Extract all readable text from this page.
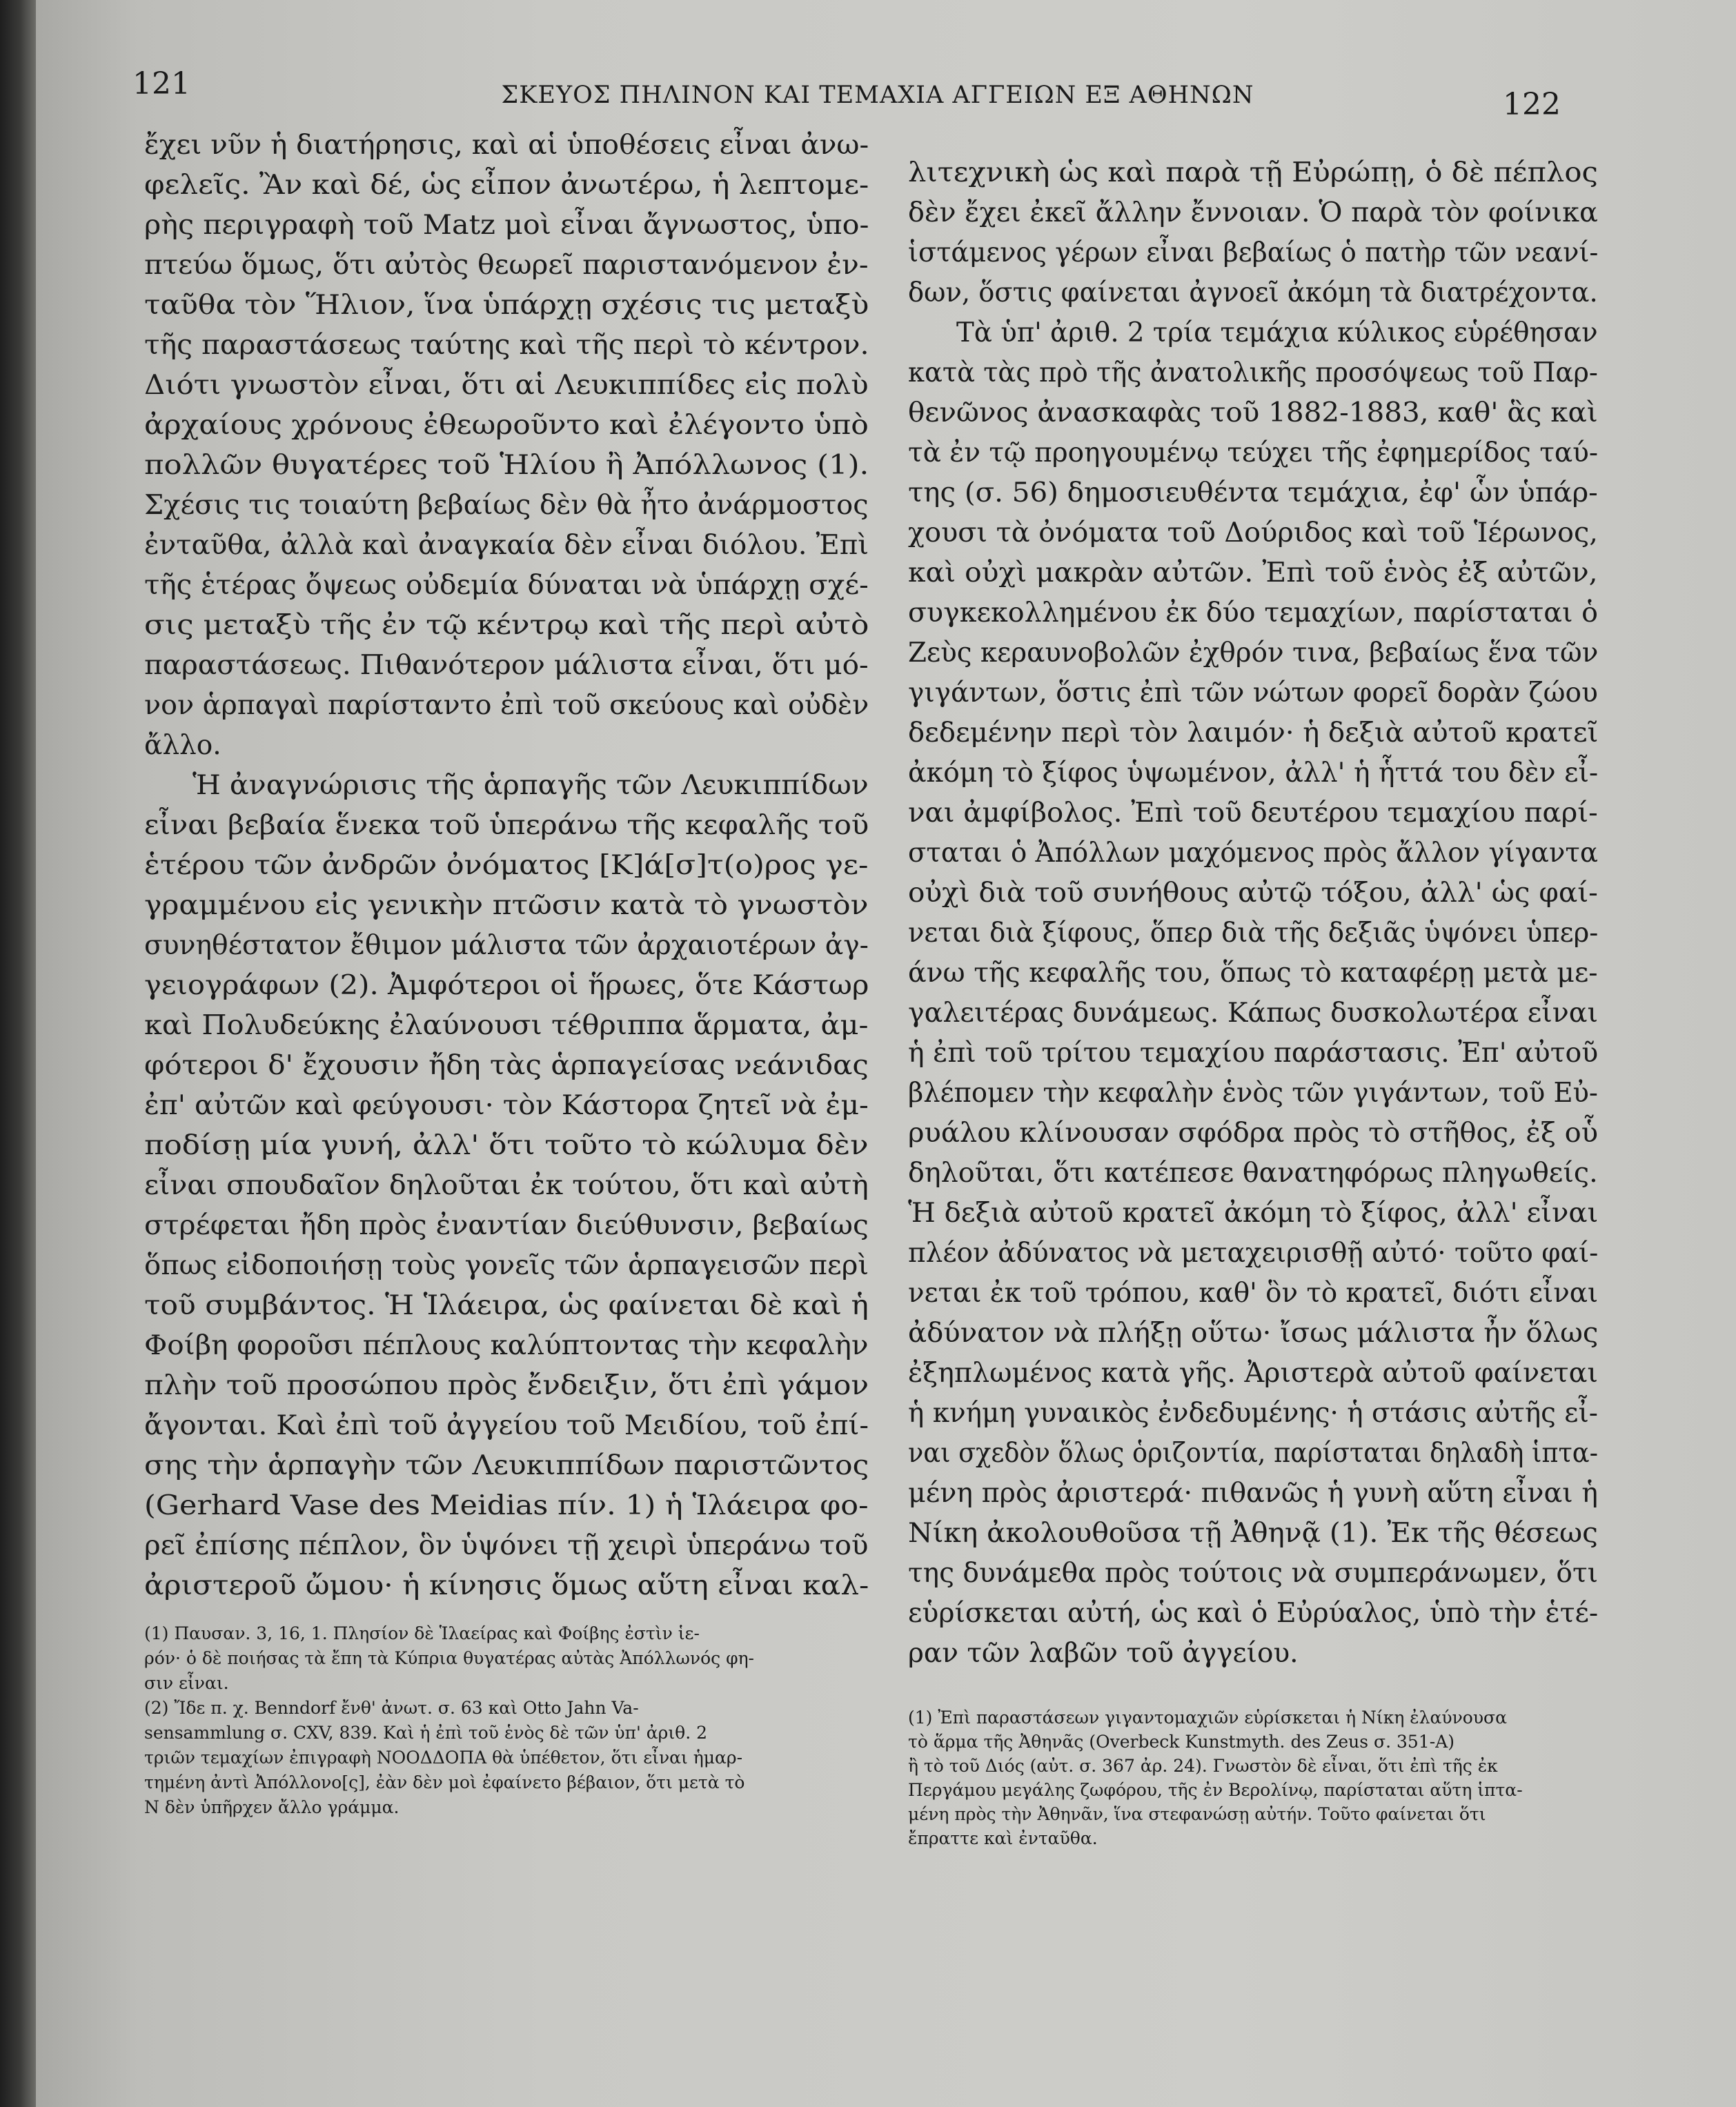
121	ΣΚΕΥΟΣ ΠΗΛΙΝΟΝ ΚΑΙ ΤΕΜΑΧΙΑ ΑΓΓΕΙΩΝ ΕΞ ΑΘΗΝΩΝ	122

ἔχει νῦν ἡ διατήρησις, καὶ αἱ ὑποθέσεις εἶναι ἀνω-

φελεῖς. Ἂν καὶ δέ, ὡς εἶπον ἀνωτέρω, ἡ λεπτομε-

ρὴς περιγραφὴ τοῦ Matz μοὶ εἶναι ἄγνωστος, ὑπο-

πτεύω ὅμως, ὅτι αὐτὸς θεωρεῖ παριστανόμενον ἐν-

ταῦθα τὸν Ἥλιον, ἵνα ὑπάρχῃ σχέσις τις μεταξὺ

τῆς παραστάσεως ταύτης καὶ τῆς περὶ τὸ κέντρον.

Διότι γνωστὸν εἶναι, ὅτι αἱ Λευκιππίδες εἰς πολὺ

ἀρχαίους χρόνους ἐθεωροῦντο καὶ ἐλέγοντο ὑπὸ

πολλῶν θυγατέρες τοῦ Ἡλίου ἢ Ἀπόλλωνος (1).

Σχέσις τις τοιαύτη βεβαίως δὲν θὰ ἦτο ἀνάρμοστος

ἐνταῦθα, ἀλλὰ καὶ ἀναγκαία δὲν εἶναι διόλου. Ἐπὶ

τῆς ἑτέρας ὄψεως οὐδεμία δύναται νὰ ὑπάρχῃ σχέ-

σις μεταξὺ τῆς ἐν τῷ κέντρῳ καὶ τῆς περὶ αὐτὸ

παραστάσεως. Πιθανότερον μάλιστα εἶναι, ὅτι μό-

νον ἁρπαγαὶ παρίσταντο ἐπὶ τοῦ σκεύους καὶ οὐδὲν

ἄλλο.

Ἡ ἀναγνώρισις τῆς ἁρπαγῆς τῶν Λευκιππίδων

εἶναι βεβαία ἕνεκα τοῦ ὑπεράνω τῆς κεφαλῆς τοῦ

ἑτέρου τῶν ἀνδρῶν ὀνόματος [Κ]ά[σ]τ(ο)ρος γε-

γραμμένου εἰς γενικὴν πτῶσιν κατὰ τὸ γνωστὸν

συνηθέστατον ἔθιμον μάλιστα τῶν ἀρχαιοτέρων ἀγ-

γειογράφων (2). Ἀμφότεροι οἱ ἥρωες, ὅτε Κάστωρ

καὶ Πολυδεύκης ἐλαύνουσι τέθριππα ἅρματα, ἀμ-

φότεροι δ' ἔχουσιν ἤδη τὰς ἁρπαγείσας νεάνιδας

ἐπ' αὐτῶν καὶ φεύγουσι· τὸν Κάστορα ζητεῖ νὰ ἐμ-

ποδίσῃ μία γυνή, ἀλλ' ὅτι τοῦτο τὸ κώλυμα δὲν

εἶναι σπουδαῖον δηλοῦται ἐκ τούτου, ὅτι καὶ αὐτὴ

στρέφεται ἤδη πρὸς ἐναντίαν διεύθυνσιν, βεβαίως

ὅπως εἰδοποιήσῃ τοὺς γονεῖς τῶν ἁρπαγεισῶν περὶ

τοῦ συμβάντος. Ἡ Ἱλάειρα, ὡς φαίνεται δὲ καὶ ἡ

Φοίβη φοροῦσι πέπλους καλύπτοντας τὴν κεφαλὴν

πλὴν τοῦ προσώπου πρὸς ἔνδειξιν, ὅτι ἐπὶ γάμον

ἄγονται. Καὶ ἐπὶ τοῦ ἀγγείου τοῦ Μειδίου, τοῦ ἐπί-

σης τὴν ἁρπαγὴν τῶν Λευκιππίδων παριστῶντος

(Gerhard Vase des Meidias πίν. 1) ἡ Ἱλάειρα φο-

ρεῖ ἐπίσης πέπλον, ὃν ὑψόνει τῇ χειρὶ ὑπεράνω τοῦ

ἀριστεροῦ ὤμου· ἡ κίνησις ὅμως αὕτη εἶναι καλ-

(1) Παυσαν. 3, 16, 1. Πλησίον δὲ Ἱλαείρας καὶ Φοίβης ἐστὶν ἱε-

ρόν· ὁ δὲ ποιήσας τὰ ἔπη τὰ Κύπρια θυγατέρας αὐτὰς Ἀπόλλωνός φη-

σιν εἶναι.

(2) Ἴδε π. χ. Benndorf ἔνθ' ἀνωτ. σ. 63 καὶ Otto Jahn Va-

sensammlung σ. CXV, 839. Καὶ ἡ ἐπὶ τοῦ ἑνὸς δὲ τῶν ὑπ' ἀριθ. 2

τριῶν τεμαχίων ἐπιγραφὴ ΝΟΟΔΔΟΠΑ θὰ ὑπέθετον, ὅτι εἶναι ἡμαρ-

τημένη ἀντὶ Ἀπόλλονο[ς], ἐὰν δὲν μοὶ ἐφαίνετο βέβαιον, ὅτι μετὰ τὸ

Ν δὲν ὑπῆρχεν ἄλλο γράμμα.

λιτεχνικὴ ὡς καὶ παρὰ τῇ Εὐρώπῃ, ὁ δὲ πέπλος

δὲν ἔχει ἐκεῖ ἄλλην ἔννοιαν. Ὁ παρὰ τὸν φοίνικα

ἱστάμενος γέρων εἶναι βεβαίως ὁ πατὴρ τῶν νεανί-

δων, ὅστις φαίνεται ἀγνοεῖ ἀκόμη τὰ διατρέχοντα.

Τὰ ὑπ' ἀριθ. 2 τρία τεμάχια κύλικος εὑρέθησαν

κατὰ τὰς πρὸ τῆς ἀνατολικῆς προσόψεως τοῦ Παρ-

θενῶνος ἀνασκαφὰς τοῦ 1882-1883, καθ' ἃς καὶ

τὰ ἐν τῷ προηγουμένῳ τεύχει τῆς ἐφημερίδος ταύ-

της (σ. 56) δημοσιευθέντα τεμάχια, ἐφ' ὧν ὑπάρ-

χουσι τὰ ὀνόματα τοῦ Δούριδος καὶ τοῦ Ἱέρωνος,

καὶ οὐχὶ μακρὰν αὐτῶν. Ἐπὶ τοῦ ἑνὸς ἐξ αὐτῶν,

συγκεκολλημένου ἐκ δύο τεμαχίων, παρίσταται ὁ

Ζεὺς κεραυνοβολῶν ἐχθρόν τινα, βεβαίως ἕνα τῶν

γιγάντων, ὅστις ἐπὶ τῶν νώτων φορεῖ δορὰν ζώου

δεδεμένην περὶ τὸν λαιμόν· ἡ δεξιὰ αὐτοῦ κρατεῖ

ἀκόμη τὸ ξίφος ὑψωμένον, ἀλλ' ἡ ἧττά του δὲν εἶ-

ναι ἀμφίβολος. Ἐπὶ τοῦ δευτέρου τεμαχίου παρί-

σταται ὁ Ἀπόλλων μαχόμενος πρὸς ἄλλον γίγαντα

οὐχὶ διὰ τοῦ συνήθους αὐτῷ τόξου, ἀλλ' ὡς φαί-

νεται διὰ ξίφους, ὅπερ διὰ τῆς δεξιᾶς ὑψόνει ὑπερ-

άνω τῆς κεφαλῆς του, ὅπως τὸ καταφέρῃ μετὰ με-

γαλειτέρας δυνάμεως. Κάπως δυσκολωτέρα εἶναι

ἡ ἐπὶ τοῦ τρίτου τεμαχίου παράστασις. Ἐπ' αὐτοῦ

βλέπομεν τὴν κεφαλὴν ἑνὸς τῶν γιγάντων, τοῦ Εὐ-

ρυάλου κλίνουσαν σφόδρα πρὸς τὸ στῆθος, ἐξ οὗ

δηλοῦται, ὅτι κατέπεσε θανατηφόρως πληγωθείς.

Ἡ δεξιὰ αὐτοῦ κρατεῖ ἀκόμη τὸ ξίφος, ἀλλ' εἶναι

πλέον ἀδύνατος νὰ μεταχειρισθῇ αὐτό· τοῦτο φαί-

νεται ἐκ τοῦ τρόπου, καθ' ὃν τὸ κρατεῖ, διότι εἶναι

ἀδύνατον νὰ πλήξῃ οὕτω· ἴσως μάλιστα ἦν ὅλως

ἐξηπλωμένος κατὰ γῆς. Ἀριστερὰ αὐτοῦ φαίνεται

ἡ κνήμη γυναικὸς ἐνδεδυμένης· ἡ στάσις αὐτῆς εἶ-

ναι σχεδὸν ὅλως ὁριζοντία, παρίσταται δηλαδὴ ἱπτα-

μένη πρὸς ἀριστερά· πιθανῶς ἡ γυνὴ αὕτη εἶναι ἡ

Νίκη ἀκολουθοῦσα τῇ Ἀθηνᾷ (1). Ἐκ τῆς θέσεως

της δυνάμεθα πρὸς τούτοις νὰ συμπεράνωμεν, ὅτι

εὑρίσκεται αὐτή, ὡς καὶ ὁ Εὐρύαλος, ὑπὸ τὴν ἑτέ-

ραν τῶν λαβῶν τοῦ ἀγγείου.

(1) Ἐπὶ παραστάσεων γιγαντομαχιῶν εὑρίσκεται ἡ Νίκη ἐλαύνουσα

τὸ ἅρμα τῆς Ἀθηνᾶς (Overbeck Kunstmyth. des Zeus σ. 351-A)

ἢ τὸ τοῦ Διός (αὐτ. σ. 367 ἀρ. 24). Γνωστὸν δὲ εἶναι, ὅτι ἐπὶ τῆς ἐκ

Περγάμου μεγάλης ζωφόρου, τῆς ἐν Βερολίνῳ, παρίσταται αὕτη ἱπτα-

μένη πρὸς τὴν Ἀθηνᾶν, ἵνα στεφανώσῃ αὐτήν. Τοῦτο φαίνεται ὅτι

ἔπραττε καὶ ἐνταῦθα.
